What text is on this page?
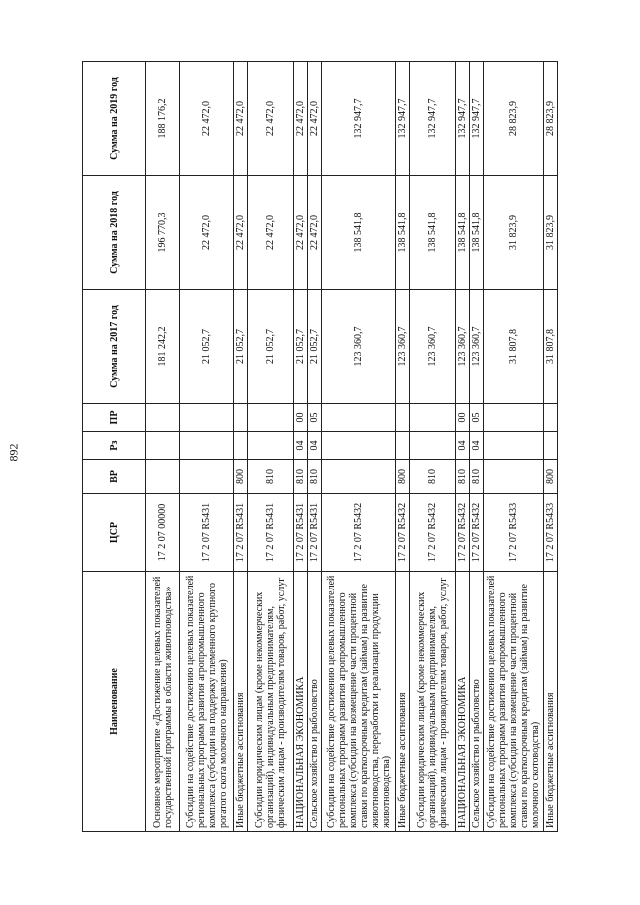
892
Наименование	ЦСР	ВР	Рз	ПР	Сумма на 2017 год	Сумма на 2018 год	Сумма на 2019 год
Основное мероприятие «Достижение целевых показателей государственной программы в области животноводства»	17 2 07 00000				181 242,2	196 770,3	188 176,2
Субсидии на содействие достижению целевых показателей региональных программ развития агропромышленного комплекса (субсидии на поддержку племенного крупного рогатого скота молочного направления)	17 2 07 R5431				21 052,7	22 472,0	22 472,0
Иные бюджетные ассигнования	17 2 07 R5431	800			21 052,7	22 472,0	22 472,0
Субсидии юридическим лицам (кроме некоммерческих организаций), индивидуальным предпринимателям, физическим лицам - производителям товаров, работ, услуг	17 2 07 R5431	810			21 052,7	22 472,0	22 472,0
НАЦИОНАЛЬНАЯ ЭКОНОМИКА	17 2 07 R5431	810	04	00	21 052,7	22 472,0	22 472,0
Сельское хозяйство и рыболовство	17 2 07 R5431	810	04	05	21 052,7	22 472,0	22 472,0
Субсидии на содействие достижению целевых показателей региональных программ развития агропромышленного комплекса (субсидии на возмещение части процентной ставки по краткосрочным кредитам (займам) на развитие животноводства, переработки и реализации продукции животноводства)	17 2 07 R5432				123 360,7	138 541,8	132 947,7
Иные бюджетные ассигнования	17 2 07 R5432	800			123 360,7	138 541,8	132 947,7
Субсидии юридическим лицам (кроме некоммерческих организаций), индивидуальным предпринимателям, физическим лицам - производителям товаров, работ, услуг	17 2 07 R5432	810			123 360,7	138 541,8	132 947,7
НАЦИОНАЛЬНАЯ ЭКОНОМИКА	17 2 07 R5432	810	04	00	123 360,7	138 541,8	132 947,7
Сельское хозяйство и рыболовство	17 2 07 R5432	810	04	05	123 360,7	138 541,8	132 947,7
Субсидии на содействие достижению целевых показателей региональных программ развития агропромышленного комплекса (субсидии на возмещение части процентной ставки по краткосрочным кредитам (займам) на развитие молочного скотоводства)	17 2 07 R5433				31 807,8	31 823,9	28 823,9
Иные бюджетные ассигнования	17 2 07 R5433	800			31 807,8	31 823,9	28 823,9
